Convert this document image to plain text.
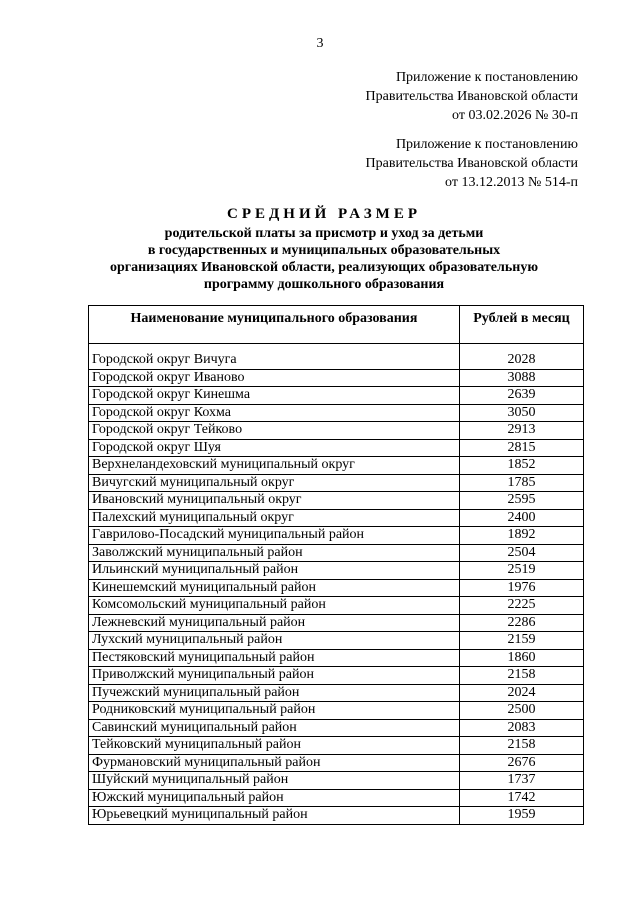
3
Приложение к постановлению
Правительства Ивановской области
от 03.02.2026 № 30-п
Приложение к постановлению
Правительства Ивановской области
от 13.12.2013 № 514-п
СРЕДНИЙ РАЗМЕР
родительской платы за присмотр и уход за детьми
в государственных и муниципальных образовательных
организациях Ивановской области, реализующих образовательную
программу дошкольного образования
Наименование муниципального образования	Рублей в месяц

Городской округ Вичуга	2028
Городской округ Иваново	3088
Городской округ Кинешма	2639
Городской округ Кохма	3050
Городской округ Тейково	2913
Городской округ Шуя	2815
Верхнеландеховский муниципальный округ	1852
Вичугский муниципальный округ	1785
Ивановский муниципальный округ	2595
Палехский муниципальный округ	2400
Гаврилово-Посадский муниципальный район	1892
Заволжский муниципальный район	2504
Ильинский муниципальный район	2519
Кинешемский муниципальный район	1976
Комсомольский муниципальный район	2225
Лежневский муниципальный район	2286
Лухский муниципальный район	2159
Пестяковский муниципальный район	1860
Приволжский муниципальный район	2158
Пучежский муниципальный район	2024
Родниковский муниципальный район	2500
Савинский муниципальный район	2083
Тейковский муниципальный район	2158
Фурмановский муниципальный район	2676
Шуйский муниципальный район	1737
Южский муниципальный район	1742
Юрьевецкий муниципальный район	1959
